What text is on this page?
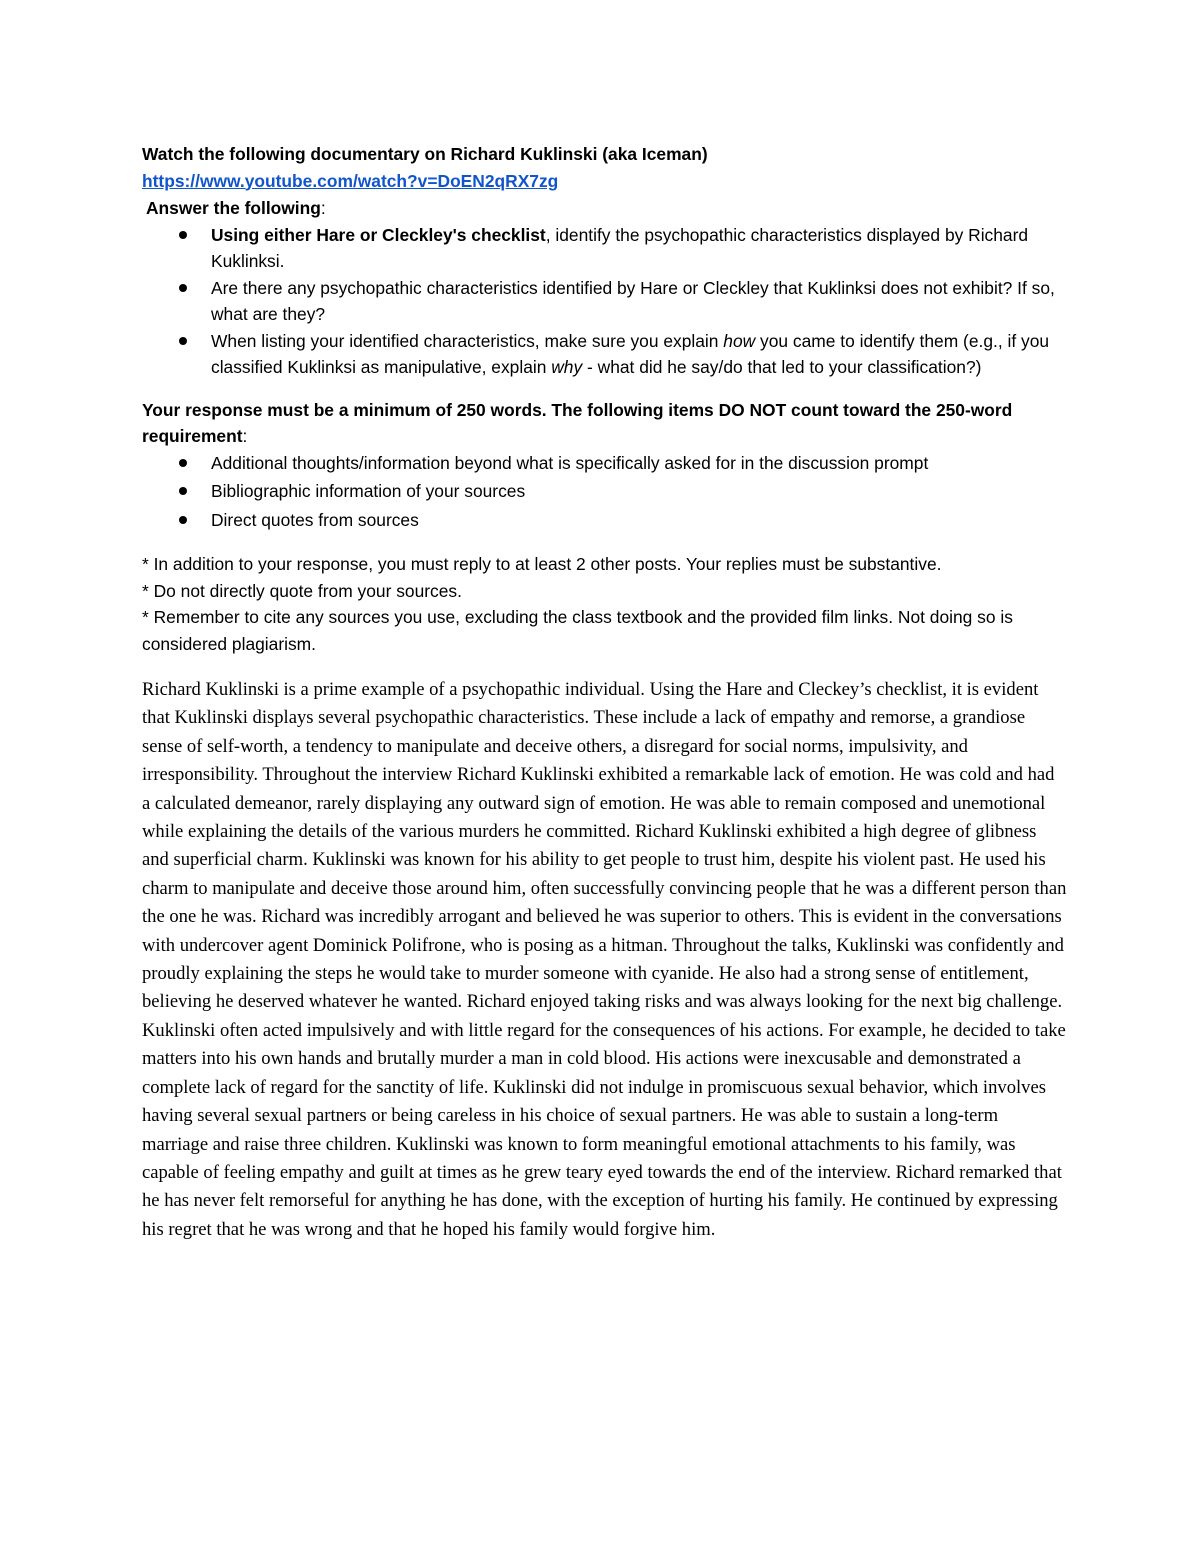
Watch the following documentary on Richard Kuklinski (aka Iceman)
https://www.youtube.com/watch?v=DoEN2qRX7zg
Answer the following:
Using either Hare or Cleckley's checklist, identify the psychopathic characteristics displayed by Richard Kuklinksi.
Are there any psychopathic characteristics identified by Hare or Cleckley that Kuklinksi does not exhibit? If so, what are they?
When listing your identified characteristics, make sure you explain how you came to identify them (e.g., if you classified Kuklinksi as manipulative, explain why - what did he say/do that led to your classification?)
Your response must be a minimum of 250 words. The following items DO NOT count toward the 250-word requirement:
Additional thoughts/information beyond what is specifically asked for in the discussion prompt
Bibliographic information of your sources
Direct quotes from sources
* In addition to your response, you must reply to at least 2 other posts. Your replies must be substantive.
* Do not directly quote from your sources.
* Remember to cite any sources you use, excluding the class textbook and the provided film links. Not doing so is considered plagiarism.
Richard Kuklinski is a prime example of a psychopathic individual. Using the Hare and Cleckey’s checklist, it is evident that Kuklinski displays several psychopathic characteristics. These include a lack of empathy and remorse, a grandiose sense of self-worth, a tendency to manipulate and deceive others, a disregard for social norms, impulsivity, and irresponsibility. Throughout the interview Richard Kuklinski exhibited a remarkable lack of emotion. He was cold and had a calculated demeanor, rarely displaying any outward sign of emotion. He was able to remain composed and unemotional while explaining the details of the various murders he committed. Richard Kuklinski exhibited a high degree of glibness and superficial charm. Kuklinski was known for his ability to get people to trust him, despite his violent past. He used his charm to manipulate and deceive those around him, often successfully convincing people that he was a different person than the one he was. Richard was incredibly arrogant and believed he was superior to others. This is evident in the conversations with undercover agent Dominick Polifrone, who is posing as a hitman. Throughout the talks, Kuklinski was confidently and proudly explaining the steps he would take to murder someone with cyanide. He also had a strong sense of entitlement, believing he deserved whatever he wanted. Richard enjoyed taking risks and was always looking for the next big challenge. Kuklinski often acted impulsively and with little regard for the consequences of his actions. For example, he decided to take matters into his own hands and brutally murder a man in cold blood. His actions were inexcusable and demonstrated a complete lack of regard for the sanctity of life. Kuklinski did not indulge in promiscuous sexual behavior, which involves having several sexual partners or being careless in his choice of sexual partners. He was able to sustain a long-term marriage and raise three children. Kuklinski was known to form meaningful emotional attachments to his family, was capable of feeling empathy and guilt at times as he grew teary eyed towards the end of the interview. Richard remarked that he has never felt remorseful for anything he has done, with the exception of hurting his family. He continued by expressing his regret that he was wrong and that he hoped his family would forgive him.
